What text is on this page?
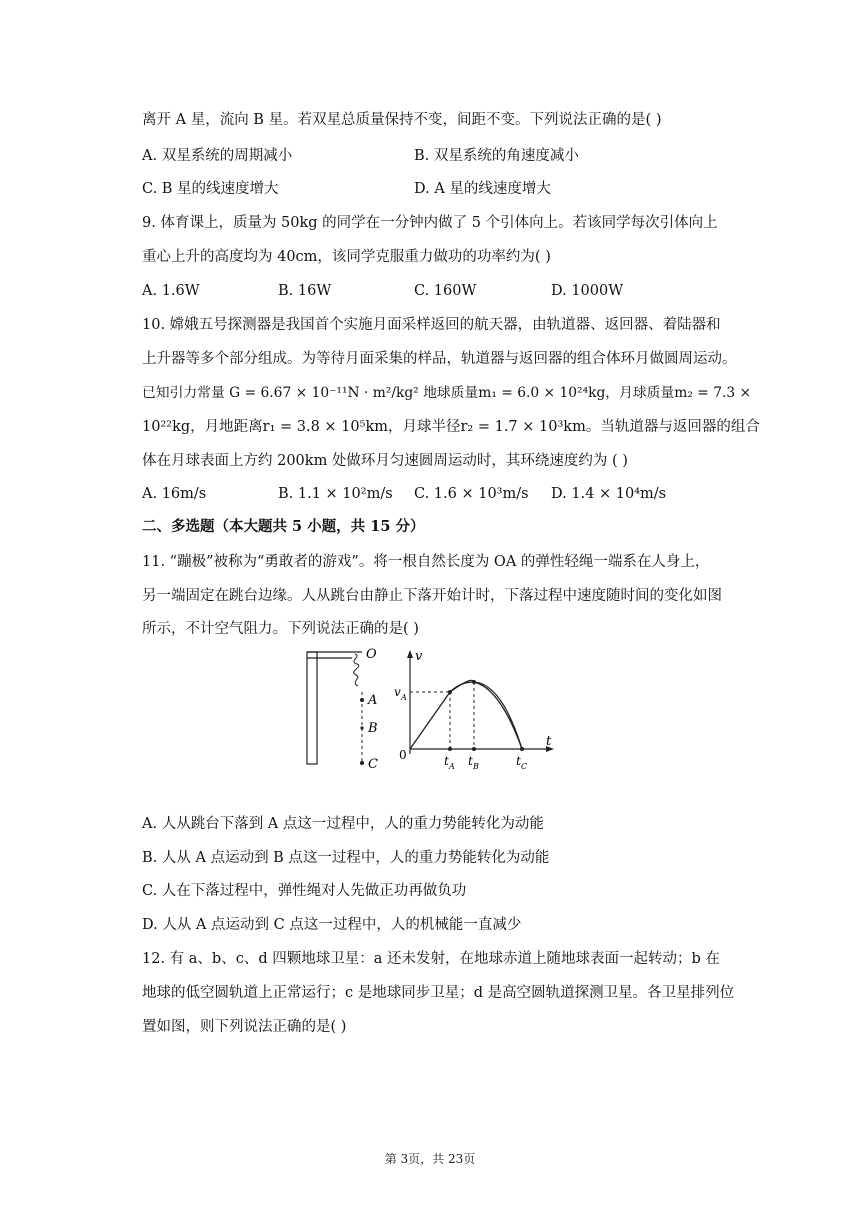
离开 A 星，流向 B 星。若双星总质量保持不变，间距不变。下列说法正确的是( )
A. 双星系统的周期减小	B. 双星系统的角速度减小
C. B 星的线速度增大	D. A 星的线速度增大
9. 体育课上，质量为 50kg 的同学在一分钟内做了 5 个引体向上。若该同学每次引体向上
重心上升的高度均为 40cm，该同学克服重力做功的功率约为( )
A. 1.6W	B. 16W	C. 160W	D. 1000W
10. 嫦娥五号探测器是我国首个实施月面采样返回的航天器，由轨道器、返回器、着陆器和
上升器等多个部分组成。为等待月面采集的样品，轨道器与返回器的组合体环月做圆周运动。
已知引力常量 G = 6.67 × 10⁻¹¹N · m²/kg² 地球质量m₁ = 6.0 × 10²⁴kg，月球质量m₂ = 7.3 ×
10²²kg，月地距离r₁ = 3.8 × 10⁵km，月球半径r₂ = 1.7 × 10³km。当轨道器与返回器的组合
体在月球表面上方约 200km 处做环月匀速圆周运动时，其环绕速度约为 ( )
A. 16m/s	B. 1.1 × 10²m/s C. 1.6 × 10³m/s D. 1.4 × 10⁴m/s
二、多选题（本大题共 5 小题，共 15 分）
11. “蹦极”被称为“勇敢者的游戏”。将一根自然长度为 OA 的弹性轻绳一端系在人身上，
另一端固定在跳台边缘。人从跳台由静止下落开始计时，下落过程中速度随时间的变化如图
所示，不计空气阻力。下列说法正确的是( )
O
A
B
C
v
t
v A
0	t A t B	t C
A. 人从跳台下落到 A 点这一过程中，人的重力势能转化为动能
B. 人从 A 点运动到 B 点这一过程中，人的重力势能转化为动能
C. 人在下落过程中，弹性绳对人先做正功再做负功
D. 人从 A 点运动到 C 点这一过程中，人的机械能一直减少
12. 有 a、b、c、d 四颗地球卫星：a 还未发射，在地球赤道上随地球表面一起转动；b 在
地球的低空圆轨道上正常运行；c 是地球同步卫星；d 是高空圆轨道探测卫星。各卫星排列位
置如图，则下列说法正确的是( )
第 3页，共 23页
